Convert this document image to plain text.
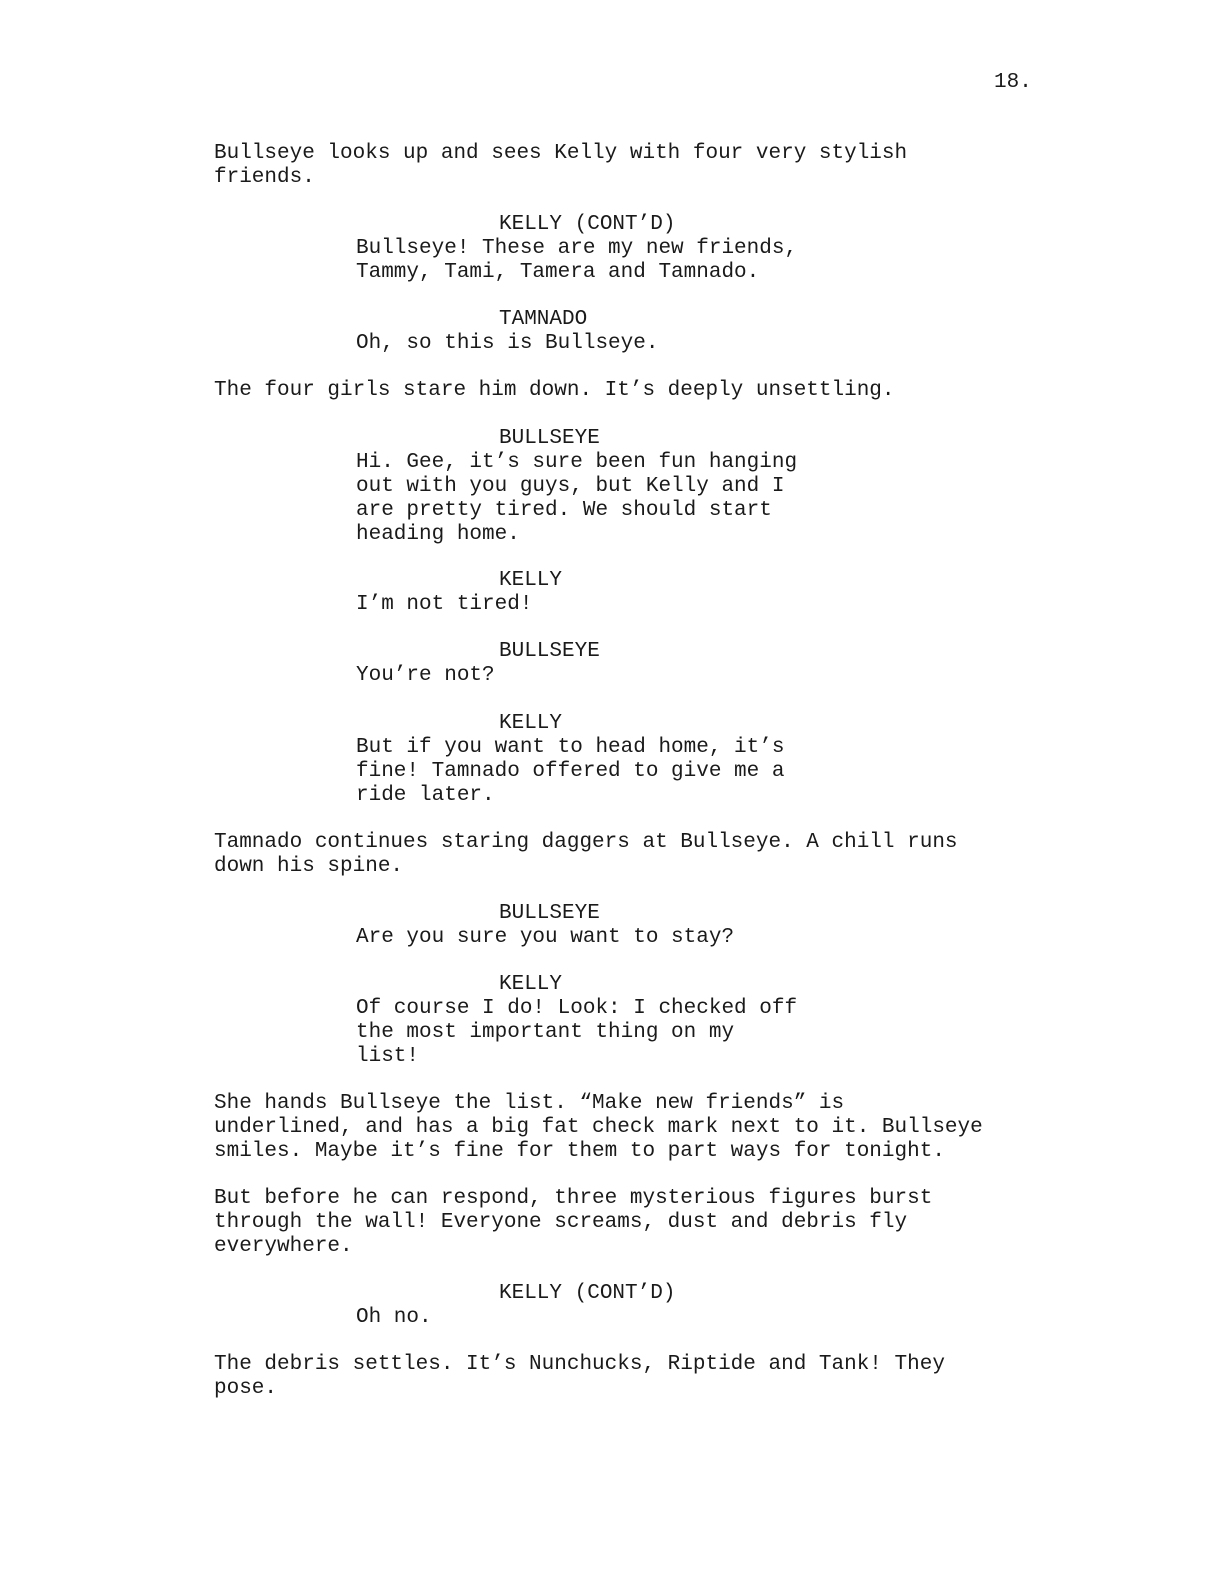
18.

Bullseye looks up and sees Kelly with four very stylish
friends.

KELLY (CONT’D)

Bullseye! These are my new friends,
Tammy, Tami, Tamera and Tamnado.

TAMNADO

Oh, so this is Bullseye.

The four girls stare him down. It’s deeply unsettling.

BULLSEYE

Hi. Gee, it’s sure been fun hanging
out with you guys, but Kelly and I
are pretty tired. We should start
heading home.

KELLY

I’m not tired!

BULLSEYE

You’re not?

KELLY

But if you want to head home, it’s
fine! Tamnado offered to give me a
ride later.

Tamnado continues staring daggers at Bullseye. A chill runs
down his spine.

BULLSEYE

Are you sure you want to stay?

KELLY

Of course I do! Look: I checked off
the most important thing on my
list!

She hands Bullseye the list. “Make new friends” is
underlined, and has a big fat check mark next to it. Bullseye
smiles. Maybe it’s fine for them to part ways for tonight.

But before he can respond, three mysterious figures burst
through the wall! Everyone screams, dust and debris fly
everywhere.

KELLY (CONT’D)

Oh no.

The debris settles. It’s Nunchucks, Riptide and Tank! They
pose.
